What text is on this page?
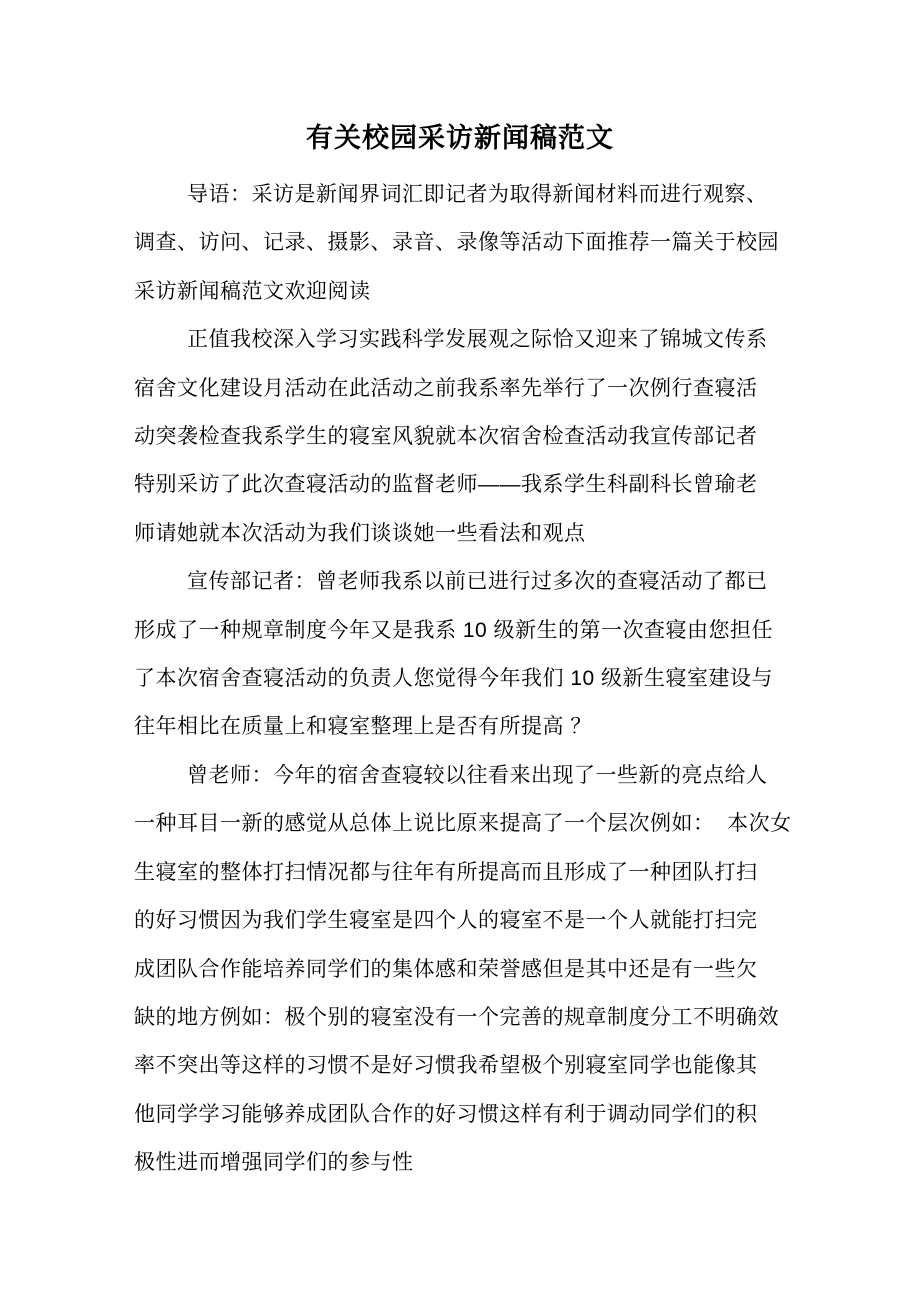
有关校园采访新闻稿范文
导语：采访是新闻界词汇即记者为取得新闻材料而进行观察、
调查、访问、记录、摄影、录音、录像等活动下面推荐一篇关于校园
采访新闻稿范文欢迎阅读
正值我校深入学习实践科学发展观之际恰又迎来了锦城文传系
宿舍文化建设月活动在此活动之前我系率先举行了一次例行查寝活
动突袭检查我系学生的寝室风貌就本次宿舍检查活动我宣传部记者
特别采访了此次查寝活动的监督老师——我系学生科副科长曾瑜老
师请她就本次活动为我们谈谈她一些看法和观点
宣传部记者：曾老师我系以前已进行过多次的查寝活动了都已
形成了一种规章制度今年又是我系 10 级新生的第一次查寝由您担任
了本次宿舍查寝活动的负责人您觉得今年我们 10 级新生寝室建设与
往年相比在质量上和寝室整理上是否有所提高 ？
曾老师：今年的宿舍查寝较以往看来出现了一些新的亮点给人
一种耳目一新的感觉从总体上说比原来提高了一个层次例如：  本次女
生寝室的整体打扫情况都与往年有所提高而且形成了一种团队打扫
的好习惯因为我们学生寝室是四个人的寝室不是一个人就能打扫完
成团队合作能培养同学们的集体感和荣誉感但是其中还是有一些欠
缺的地方例如：极个别的寝室没有一个完善的规章制度分工不明确效
率不突出等这样的习惯不是好习惯我希望极个别寝室同学也能像其
他同学学习能够养成团队合作的好习惯这样有利于调动同学们的积
极性进而增强同学们的参与性
